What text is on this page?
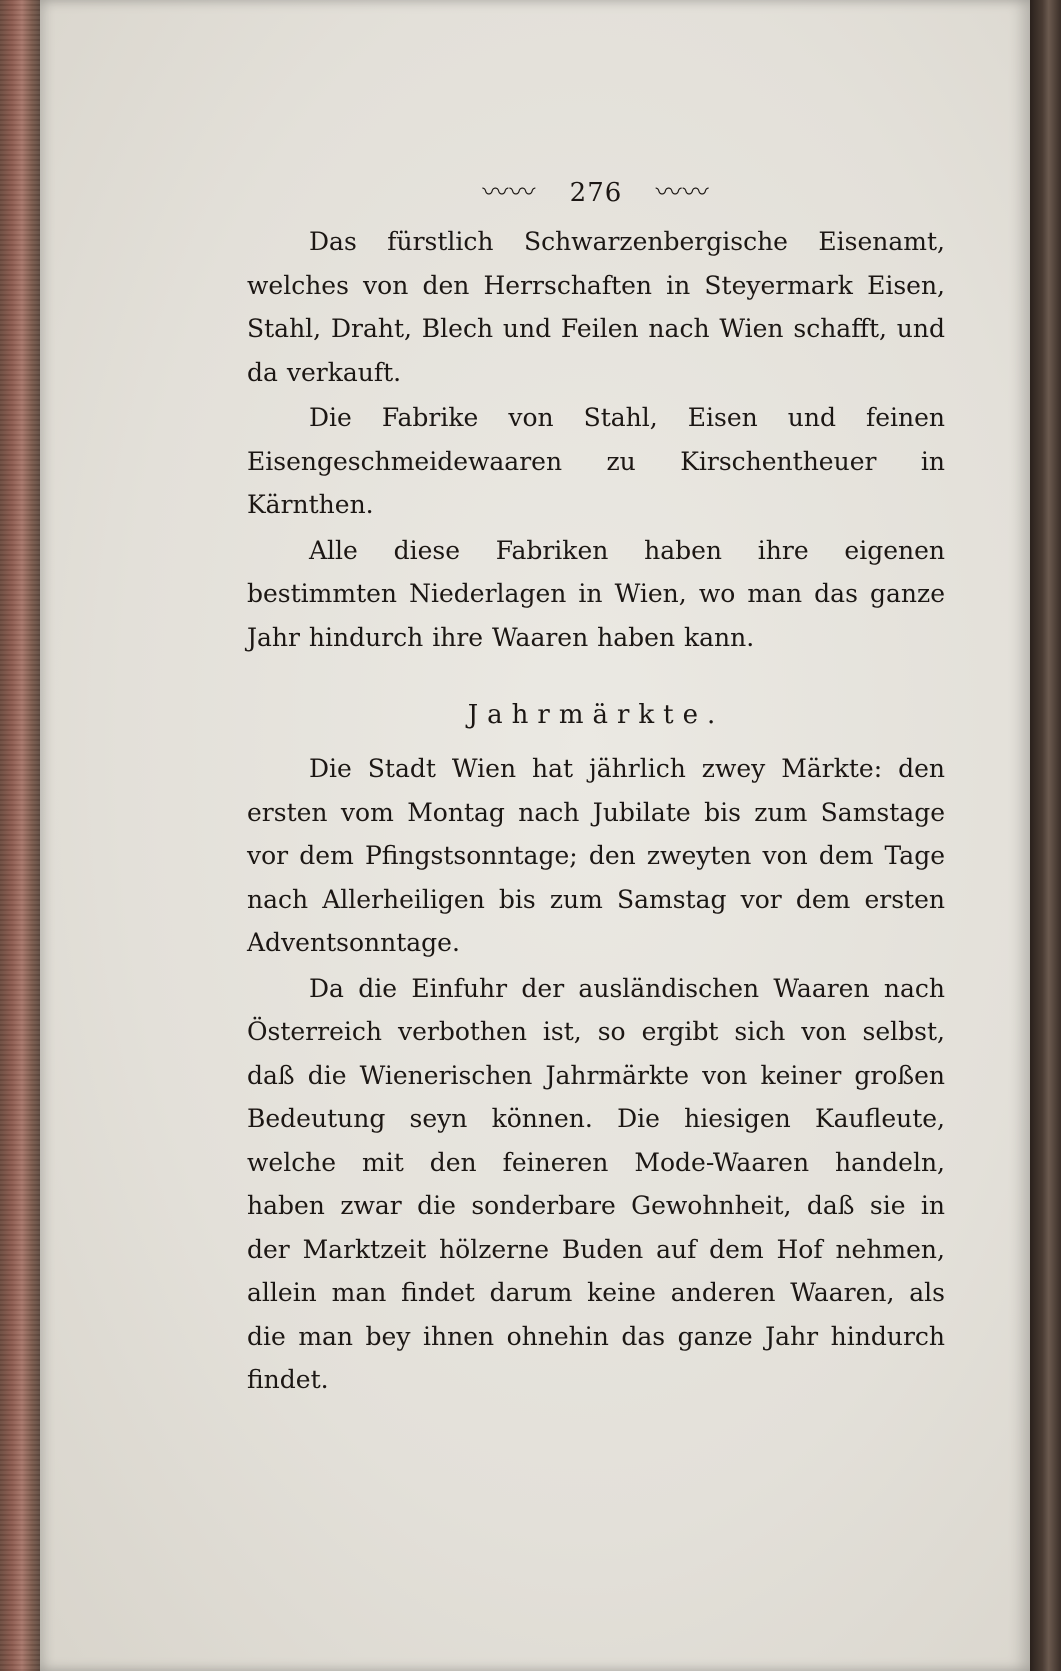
〰〰 276 〰〰

Das fürstlich Schwarzenbergische Eisenamt, welches von den Herrschaften in Steyermark Eisen, Stahl, Draht, Blech und Feilen nach Wien schafft, und da verkauft.

Die Fabrike von Stahl, Eisen und feinen Eisengeschmeidewaaren zu Kirschentheuer in Kärnthen.

Alle diese Fabriken haben ihre eigenen bestimmten Niederlagen in Wien, wo man das ganze Jahr hindurch ihre Waaren haben kann.

Jahrmärkte.

Die Stadt Wien hat jährlich zwey Märkte: den ersten vom Montag nach Jubilate bis zum Samstage vor dem Pfingstsonntage; den zweyten von dem Tage nach Allerheiligen bis zum Samstag vor dem ersten Adventsonntage.

Da die Einfuhr der ausländischen Waaren nach Österreich verbothen ist, so ergibt sich von selbst, daß die Wienerischen Jahrmärkte von keiner großen Bedeutung seyn können. Die hiesigen Kaufleute, welche mit den feineren Mode-Waaren handeln, haben zwar die sonderbare Gewohnheit, daß sie in der Marktzeit hölzerne Buden auf dem Hof nehmen, allein man findet darum keine anderen Waaren, als die man bey ihnen ohnehin das ganze Jahr hindurch findet.
